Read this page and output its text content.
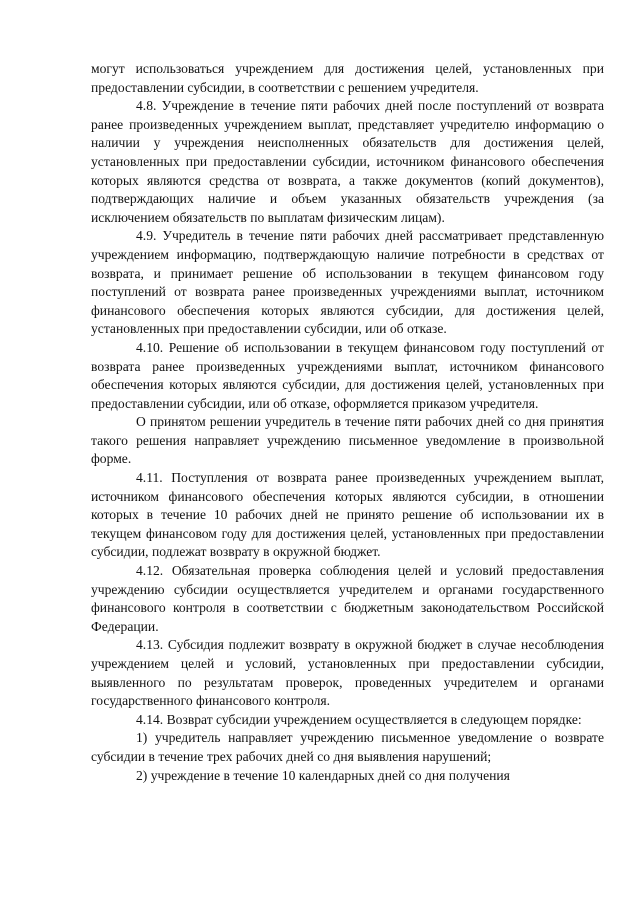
могут использоваться учреждением для достижения целей, установленных при предоставлении субсидии, в соответствии с решением учредителя.

4.8. Учреждение в течение пяти рабочих дней после поступлений от возврата ранее произведенных учреждением выплат, представляет учредителю информацию о наличии у учреждения неисполненных обязательств для достижения целей, установленных при предоставлении субсидии, источником финансового обеспечения которых являются средства от возврата, а также документов (копий документов), подтверждающих наличие и объем указанных обязательств учреждения (за исключением обязательств по выплатам физическим лицам).

4.9. Учредитель в течение пяти рабочих дней рассматривает представленную учреждением информацию, подтверждающую наличие потребности в средствах от возврата, и принимает решение об использовании в текущем финансовом году поступлений от возврата ранее произведенных учреждениями выплат, источником финансового обеспечения которых являются субсидии, для достижения целей, установленных при предоставлении субсидии, или об отказе.

4.10. Решение об использовании в текущем финансовом году поступлений от возврата ранее произведенных учреждениями выплат, источником финансового обеспечения которых являются субсидии, для достижения целей, установленных при предоставлении субсидии, или об отказе, оформляется приказом учредителя.

О принятом решении учредитель в течение пяти рабочих дней со дня принятия такого решения направляет учреждению письменное уведомление в произвольной форме.

4.11. Поступления от возврата ранее произведенных учреждением выплат, источником финансового обеспечения которых являются субсидии, в отношении которых в течение 10 рабочих дней не принято решение об использовании их в текущем финансовом году для достижения целей, установленных при предоставлении субсидии, подлежат возврату в окружной бюджет.

4.12. Обязательная проверка соблюдения целей и условий предоставления учреждению субсидии осуществляется учредителем и органами государственного финансового контроля в соответствии с бюджетным законодательством Российской Федерации.

4.13. Субсидия подлежит возврату в окружной бюджет в случае несоблюдения учреждением целей и условий, установленных при предоставлении субсидии, выявленного по результатам проверок, проведенных учредителем и органами государственного финансового контроля.

4.14. Возврат субсидии учреждением осуществляется в следующем порядке:

1) учредитель направляет учреждению письменное уведомление о возврате субсидии в течение трех рабочих дней со дня выявления нарушений;

2) учреждение в течение 10 календарных дней со дня получения
